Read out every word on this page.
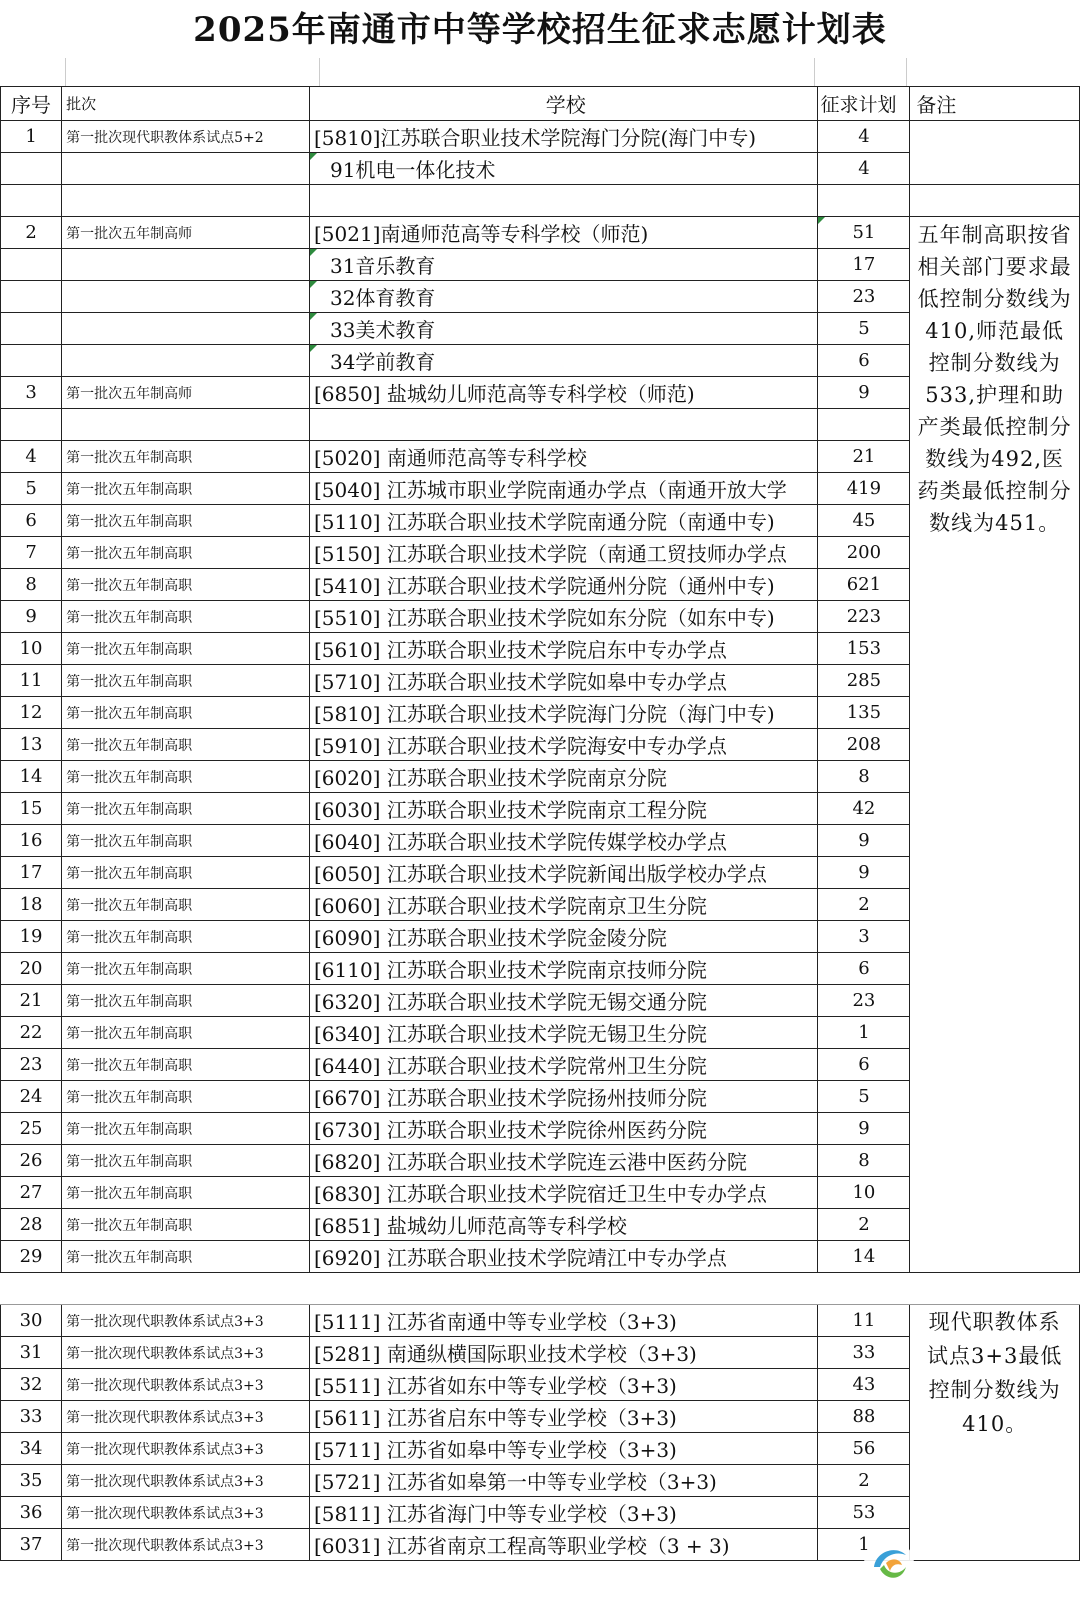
2025年南通市中等学校招生征求志愿计划表
序号	批次	学校	征求计划	备注
1	第一批次现代职教体系试点5+2	[5810]江苏联合职业技术学院海门分院(海门中专)	4	
		91机电一体化技术	4	

2	第一批次五年制高师	[5021]南通师范高等专科学校（师范)	51	五年制高职按省相关部门要求最低控制分数线为410,师范最低控制分数线为533,护理和助产类最低控制分数线为492,医药类最低控制分数线为451。
		31音乐教育	17	
		32体育教育	23	
		33美术教育	5	
		34学前教育	6	
3	第一批次五年制高师	[6850] 盐城幼儿师范高等专科学校（师范)	9	

4	第一批次五年制高职	[5020] 南通师范高等专科学校	21	
5	第一批次五年制高职	[5040] 江苏城市职业学院南通办学点（南通开放大学	419	
6	第一批次五年制高职	[5110] 江苏联合职业技术学院南通分院（南通中专)	45	
7	第一批次五年制高职	[5150] 江苏联合职业技术学院（南通工贸技师办学点	200	
8	第一批次五年制高职	[5410] 江苏联合职业技术学院通州分院（通州中专)	621	
9	第一批次五年制高职	[5510] 江苏联合职业技术学院如东分院（如东中专)	223	
10	第一批次五年制高职	[5610] 江苏联合职业技术学院启东中专办学点	153	
11	第一批次五年制高职	[5710] 江苏联合职业技术学院如皋中专办学点	285	
12	第一批次五年制高职	[5810] 江苏联合职业技术学院海门分院（海门中专)	135	
13	第一批次五年制高职	[5910] 江苏联合职业技术学院海安中专办学点	208	
14	第一批次五年制高职	[6020] 江苏联合职业技术学院南京分院	8	
15	第一批次五年制高职	[6030] 江苏联合职业技术学院南京工程分院	42	
16	第一批次五年制高职	[6040] 江苏联合职业技术学院传媒学校办学点	9	
17	第一批次五年制高职	[6050] 江苏联合职业技术学院新闻出版学校办学点	9	
18	第一批次五年制高职	[6060] 江苏联合职业技术学院南京卫生分院	2	
19	第一批次五年制高职	[6090] 江苏联合职业技术学院金陵分院	3	
20	第一批次五年制高职	[6110] 江苏联合职业技术学院南京技师分院	6	
21	第一批次五年制高职	[6320] 江苏联合职业技术学院无锡交通分院	23	
22	第一批次五年制高职	[6340] 江苏联合职业技术学院无锡卫生分院	1	
23	第一批次五年制高职	[6440] 江苏联合职业技术学院常州卫生分院	6	
24	第一批次五年制高职	[6670] 江苏联合职业技术学院扬州技师分院	5	
25	第一批次五年制高职	[6730] 江苏联合职业技术学院徐州医药分院	9	
26	第一批次五年制高职	[6820] 江苏联合职业技术学院连云港中医药分院	8	
27	第一批次五年制高职	[6830] 江苏联合职业技术学院宿迁卫生中专办学点	10	
28	第一批次五年制高职	[6851] 盐城幼儿师范高等专科学校	2	
29	第一批次五年制高职	[6920] 江苏联合职业技术学院靖江中专办学点	14	

30	第一批次现代职教体系试点3+3	[5111] 江苏省南通中等专业学校（3+3)	11	现代职教体系试点3+3最低控制分数线为410。
31	第一批次现代职教体系试点3+3	[5281] 南通纵横国际职业技术学校（3+3)	33	
32	第一批次现代职教体系试点3+3	[5511] 江苏省如东中等专业学校（3+3)	43	
33	第一批次现代职教体系试点3+3	[5611] 江苏省启东中等专业学校（3+3)	88	
34	第一批次现代职教体系试点3+3	[5711] 江苏省如皋中等专业学校（3+3)	56	
35	第一批次现代职教体系试点3+3	[5721] 江苏省如皋第一中等专业学校（3+3)	2	
36	第一批次现代职教体系试点3+3	[5811] 江苏省海门中等专业学校（3+3)	53	
37	第一批次现代职教体系试点3+3	[6031] 江苏省南京工程高等职业学校（3 + 3)	1	
